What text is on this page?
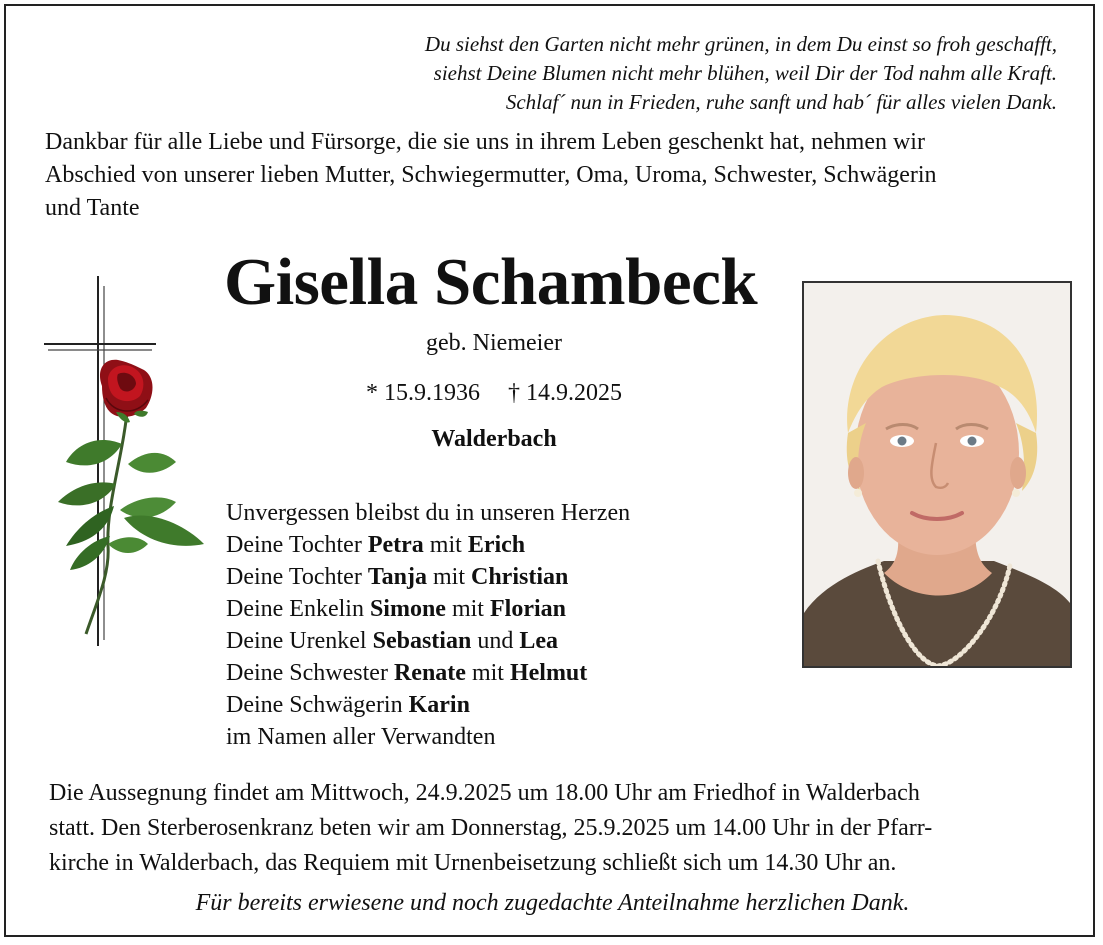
Du siehst den Garten nicht mehr grünen, in dem Du einst so froh geschafft,
siehst Deine Blumen nicht mehr blühen, weil Dir der Tod nahm alle Kraft.
Schlaf´ nun in Frieden, ruhe sanft und hab´ für alles vielen Dank.
Dankbar für alle Liebe und Fürsorge, die sie uns in ihrem Leben geschenkt hat, nehmen wir
Abschied von unserer lieben Mutter, Schwiegermutter, Oma, Uroma, Schwester, Schwägerin
und Tante
Gisella Schambeck
geb. Niemeier
* 15.9.1936 † 14.9.2025
Walderbach
Unvergessen bleibst du in unseren Herzen
Deine Tochter Petra mit Erich
Deine Tochter Tanja mit Christian
Deine Enkelin Simone mit Florian
Deine Urenkel Sebastian und Lea
Deine Schwester Renate mit Helmut
Deine Schwägerin Karin
im Namen aller Verwandten
Die Aussegnung findet am Mittwoch, 24.9.2025 um 18.00 Uhr am Friedhof in Walderbach
statt. Den Sterberosenkranz beten wir am Donnerstag, 25.9.2025 um 14.00 Uhr in der Pfarr-
kirche in Walderbach, das Requiem mit Urnenbeisetzung schließt sich um 14.30 Uhr an.
Für bereits erwiesene und noch zugedachte Anteilnahme herzlichen Dank.
